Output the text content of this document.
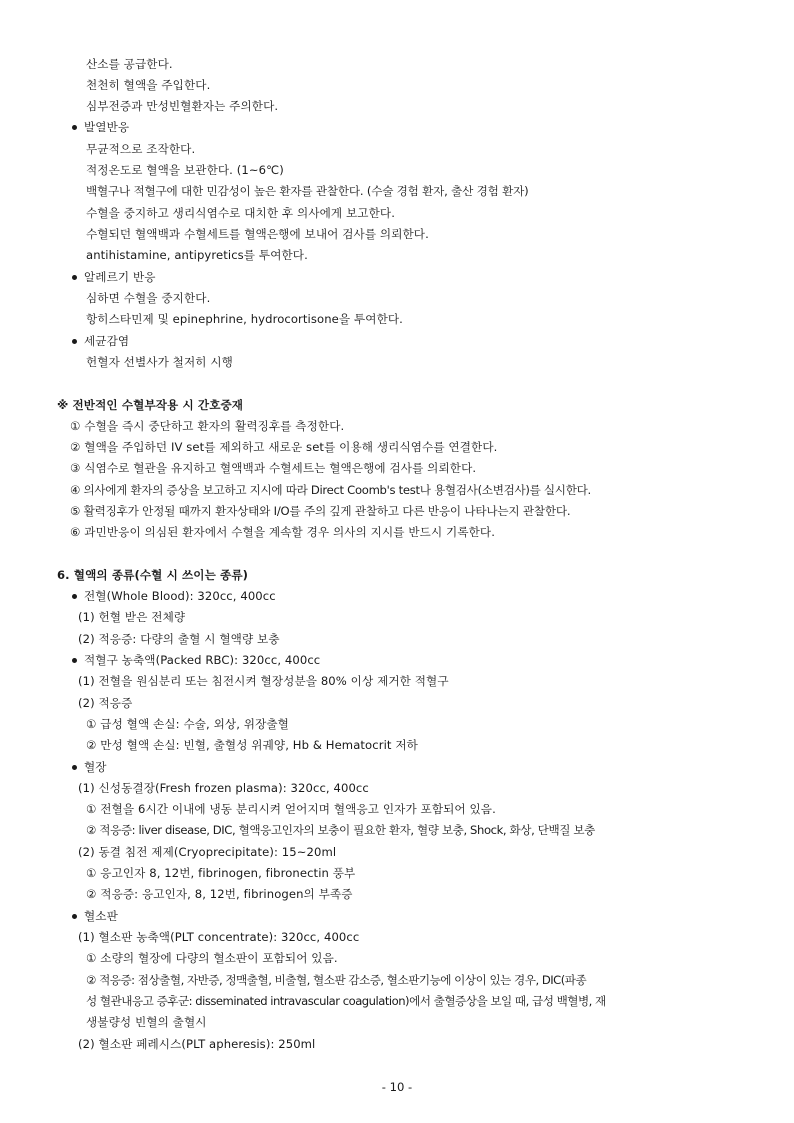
산소를 공급한다.
천천히 혈액을 주입한다.
심부전증과 만성빈혈환자는 주의한다.
발열반응
무균적으로 조작한다.
적정온도로 혈액을 보관한다. (1~6℃)
백혈구나 적혈구에 대한 민감성이 높은 환자를 관찰한다. (수술 경험 환자, 출산 경험 환자)
수혈을 중지하고 생리식염수로 대치한 후 의사에게 보고한다.
수혈되던 혈액백과 수혈세트를 혈액은행에 보내어 검사를 의뢰한다.
antihistamine, antipyretics를 투여한다.
알레르기 반응
심하면 수혈을 중지한다.
항히스타민제 및 epinephrine, hydrocortisone을 투여한다.
세균감염
헌혈자 선별사가 철저히 시행
※ 전반적인 수혈부작용 시 간호중재
① 수혈을 즉시 중단하고 환자의 활력징후를 측정한다.
② 혈액을 주입하던 IV set를 제외하고 새로운 set를 이용해 생리식염수를 연결한다.
③ 식염수로 혈관을 유지하고 혈액백과 수혈세트는 혈액은행에 검사를 의뢰한다.
④ 의사에게 환자의 증상을 보고하고 지시에 따라 Direct Coomb's test나 용혈검사(소변검사)를 실시한다.
⑤ 활력징후가 안정될 때까지 환자상태와 I/O를 주의 깊게 관찰하고 다른 반응이 나타나는지 관찰한다.
⑥ 과민반응이 의심된 환자에서 수혈을 계속할 경우 의사의 지시를 반드시 기록한다.
6. 혈액의 종류(수혈 시 쓰이는 종류)
전혈(Whole Blood): 320cc, 400cc
(1) 헌혈 받은 전체량
(2) 적응증: 다량의 출혈 시 혈액량 보충
적혈구 농축액(Packed RBC): 320cc, 400cc
(1) 전혈을 원심분리 또는 침전시켜 혈장성분을 80% 이상 제거한 적혈구
(2) 적응증
① 급성 혈액 손실: 수술, 외상, 위장출혈
② 만성 혈액 손실: 빈혈, 출혈성 위궤양, Hb & Hematocrit 저하
혈장
(1) 신성동결장(Fresh frozen plasma): 320cc, 400cc
① 전혈을 6시간 이내에 냉동 분리시켜 얻어지며 혈액응고 인자가 포함되어 있음.
② 적응증: liver disease, DIC, 혈액응고인자의 보충이 필요한 환자, 혈량 보충, Shock, 화상, 단백질 보충
(2) 동결 침전 제제(Cryoprecipitate): 15~20ml
① 응고인자 8, 12번, fibrinogen, fibronectin 풍부
② 적응증: 응고인자, 8, 12번, fibrinogen의 부족증
혈소판
(1) 혈소판 농축액(PLT concentrate): 320cc, 400cc
① 소량의 혈장에 다량의 혈소판이 포함되어 있음.
② 적응증: 점상출혈, 자반증, 정맥출혈, 비출혈, 혈소판 감소증, 혈소판기능에 이상이 있는 경우, DIC(파종
성 혈관내응고 증후군: disseminated intravascular coagulation)에서 출혈증상을 보일 때, 급성 백혈병, 재
생불량성 빈혈의 출혈시
(2) 혈소판 페레시스(PLT apheresis): 250ml
- 10 -
